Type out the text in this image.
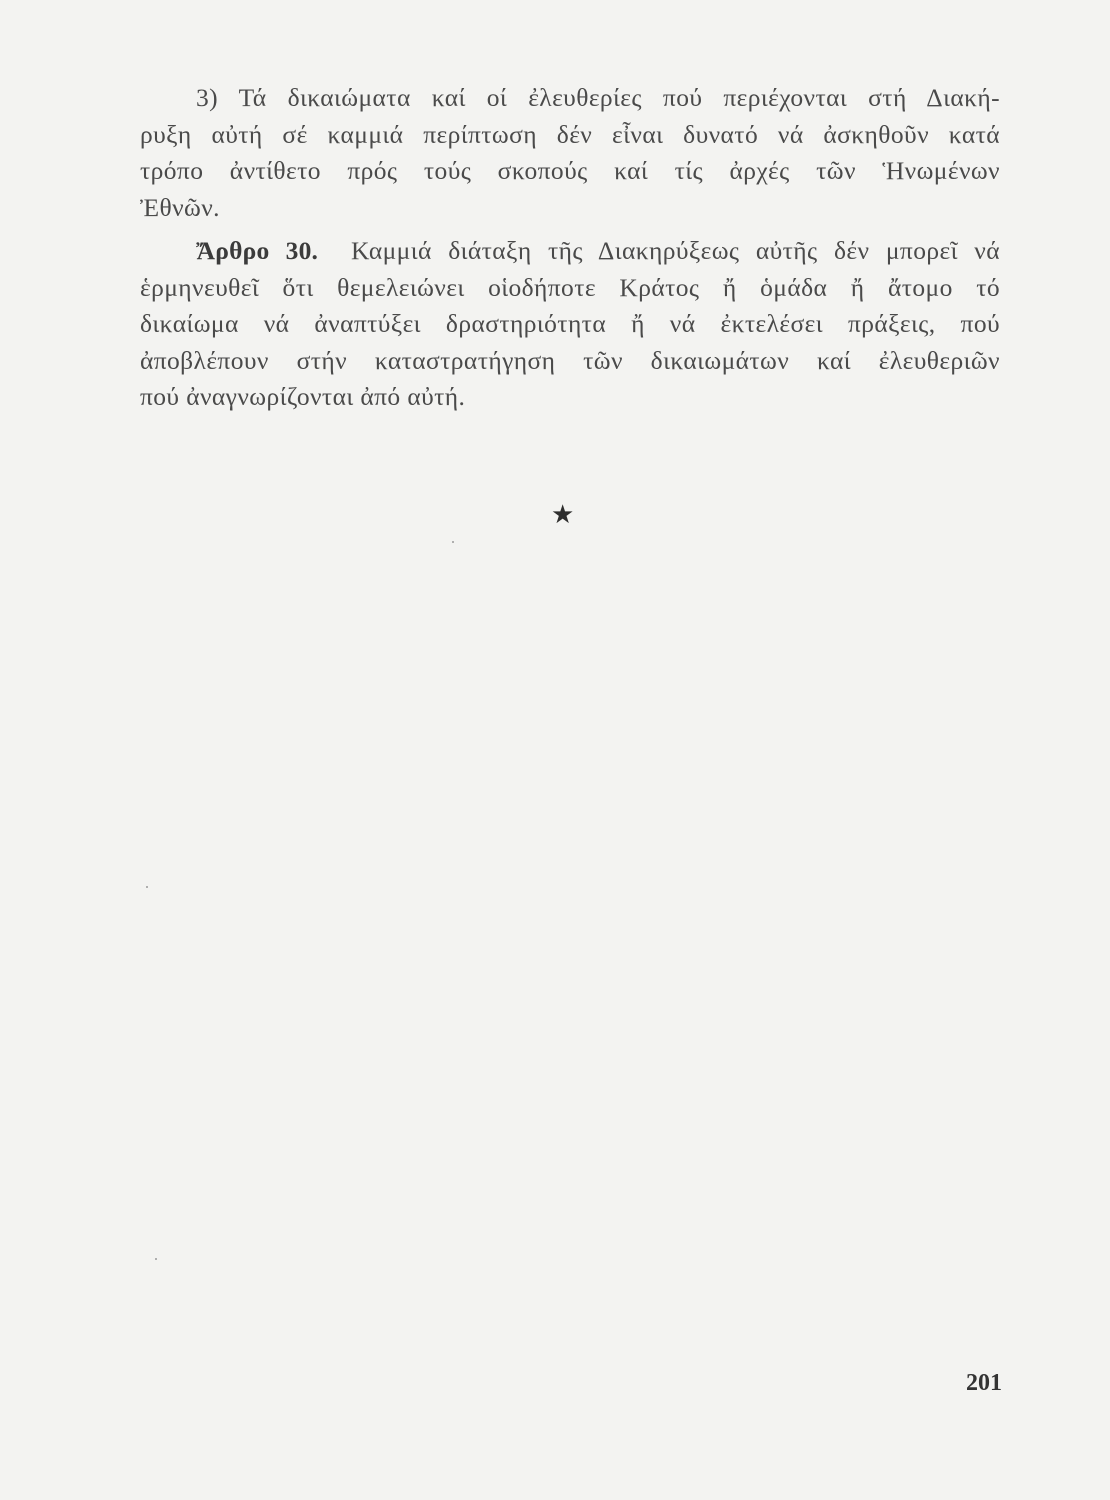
3) Τά δικαιώματα καί οί ἐλευθερίες πού περιέχονται στή Διακή-
ρυξη αὐτή σέ καμμιά περίπτωση δέν εἶναι δυνατό νά ἀσκηθοῦν κατά
τρόπο ἀντίθετο πρός τούς σκοπούς καί τίς ἀρχές τῶν Ἡνωμένων
Ἐθνῶν.
Ἄρθρο 30. Καμμιά διάταξη τῆς Διακηρύξεως αὐτῆς δέν μπορεῖ νά
ἑρμηνευθεῖ ὅτι θεμελειώνει οἱοδήποτε Κράτος ἤ ὁμάδα ἤ ἄτομο τό
δικαίωμα νά ἀναπτύξει δραστηριότητα ἤ νά ἐκτελέσει πράξεις, πού
ἀποβλέπουν στήν καταστρατήγηση τῶν δικαιωμάτων καί ἐλευθεριῶν
πού ἀναγνωρίζονται ἀπό αὐτή.
★
201
